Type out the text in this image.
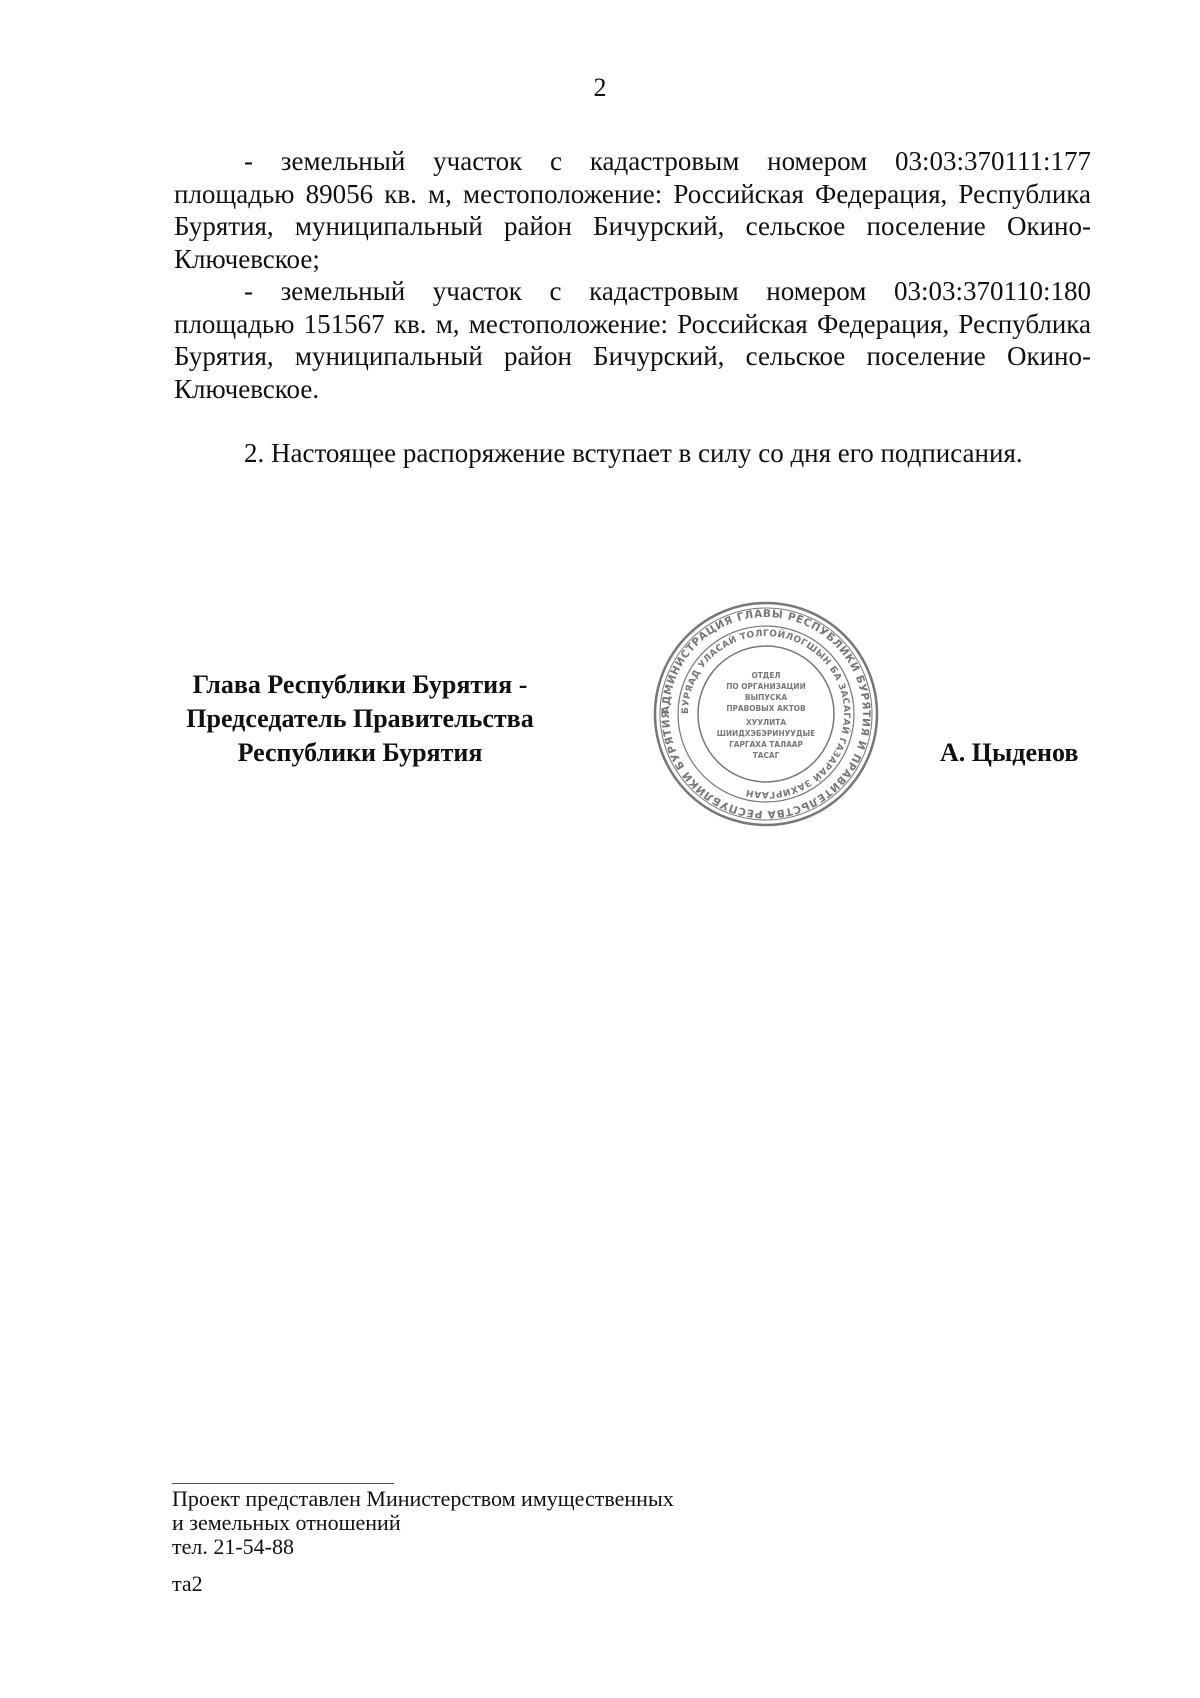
2

- земельный участок с кадастровым номером 03:03:370111:177 площадью 89056 кв. м, местоположение: Российская Федерация, Республика Бурятия, муниципальный район Бичурский, сельское поселение Окино-Ключевское;

- земельный участок с кадастровым номером 03:03:370110:180 площадью 151567 кв. м, местоположение: Российская Федерация, Республика Бурятия, муниципальный район Бичурский, сельское поселение Окино-Ключевское.

2. Настоящее распоряжение вступает в силу со дня его подписания.

Глава Республики Бурятия -
Председатель Правительства
Республики Бурятия
АДМИНИСТРАЦИЯ ГЛАВЫ РЕСПУБЛИКИ БУРЯТИЯ И ПРАВИТЕЛЬСТВА РЕСПУБЛИКИ БУРЯТИЯ БУРЯАД УЛАСАЙ ТОЛГОЙЛОГШЫН БА ЗАСАГАЙ ГАЗАРАЙ ЗАХИРГААН
ОТДЕЛ
ПО ОРГАНИЗАЦИИ
ВЫПУСКА
ПРАВОВЫХ АКТОВ
ХУУЛИТА
ШИИДХЭБЭРИНУУДЫЕ
ГАРГАХА ТАЛААР
ТАСАГ	А. Цыденов
Проект представлен Министерством имущественных
и земельных отношений
тел. 21-54-88
та2
